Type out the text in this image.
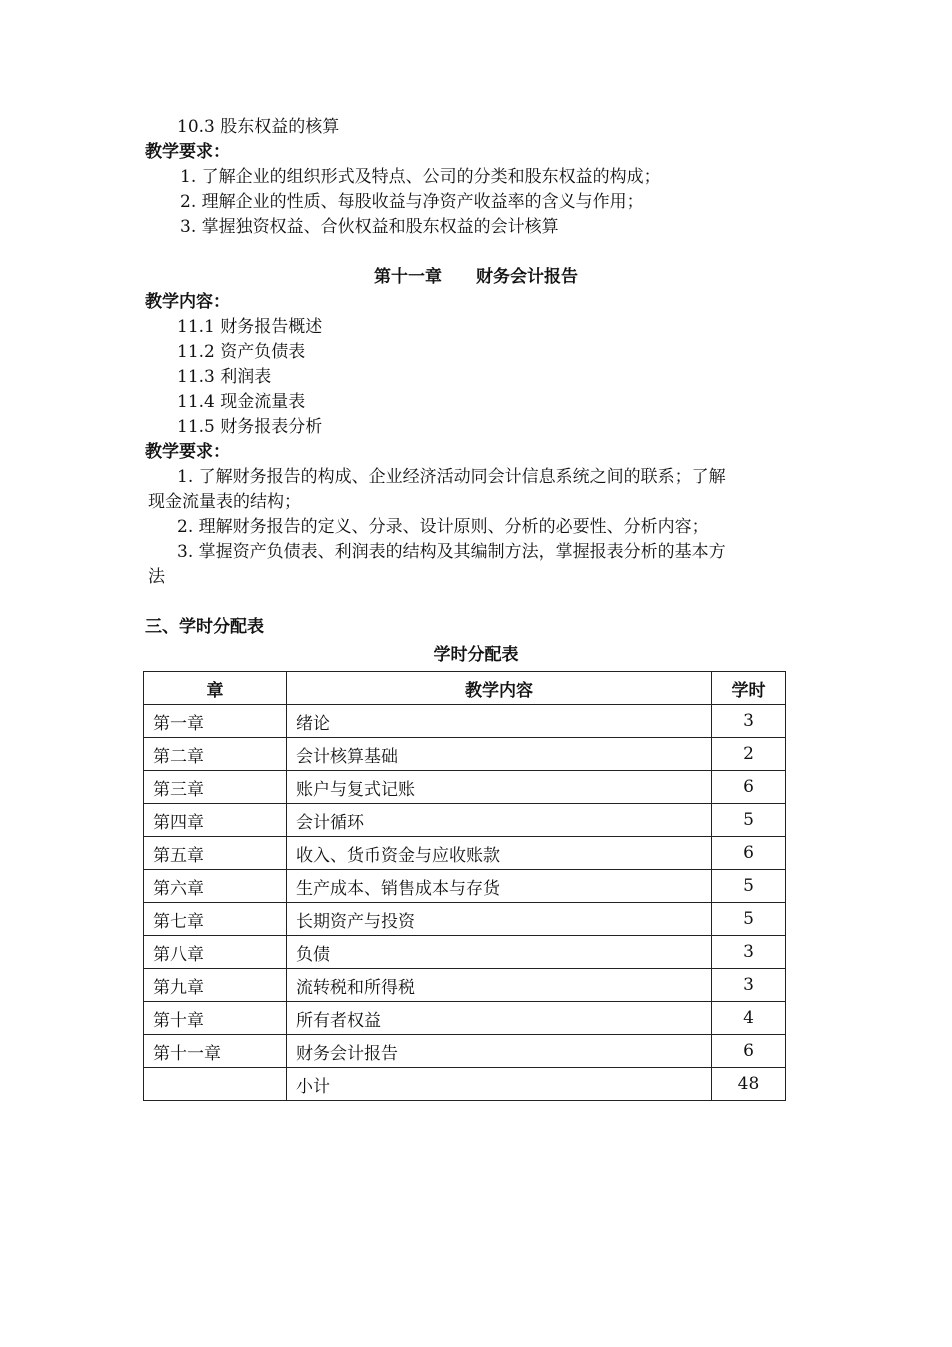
10.3 股东权益的核算
教学要求：
1. 了解企业的组织形式及特点、公司的分类和股东权益的构成；
2. 理解企业的性质、每股收益与净资产收益率的含义与作用；
3. 掌握独资权益、合伙权益和股东权益的会计核算
第十一章　　财务会计报告
教学内容：
11.1 财务报告概述
11.2 资产负债表
11.3 利润表
11.4 现金流量表
11.5 财务报表分析
教学要求：
1. 了解财务报告的构成、企业经济活动同会计信息系统之间的联系；了解
现金流量表的结构；
2. 理解财务报告的定义、分录、设计原则、分析的必要性、分析内容；
3. 掌握资产负债表、利润表的结构及其编制方法，掌握报表分析的基本方
法
三、学时分配表
学时分配表
章	教学内容	学时
第一章	绪论	3
第二章	会计核算基础	2
第三章	账户与复式记账	6
第四章	会计循环	5
第五章	收入、货币资金与应收账款	6
第六章	生产成本、销售成本与存货	5
第七章	长期资产与投资	5
第八章	负债	3
第九章	流转税和所得税	3
第十章	所有者权益	4
第十一章	财务会计报告	6
	小计	48
